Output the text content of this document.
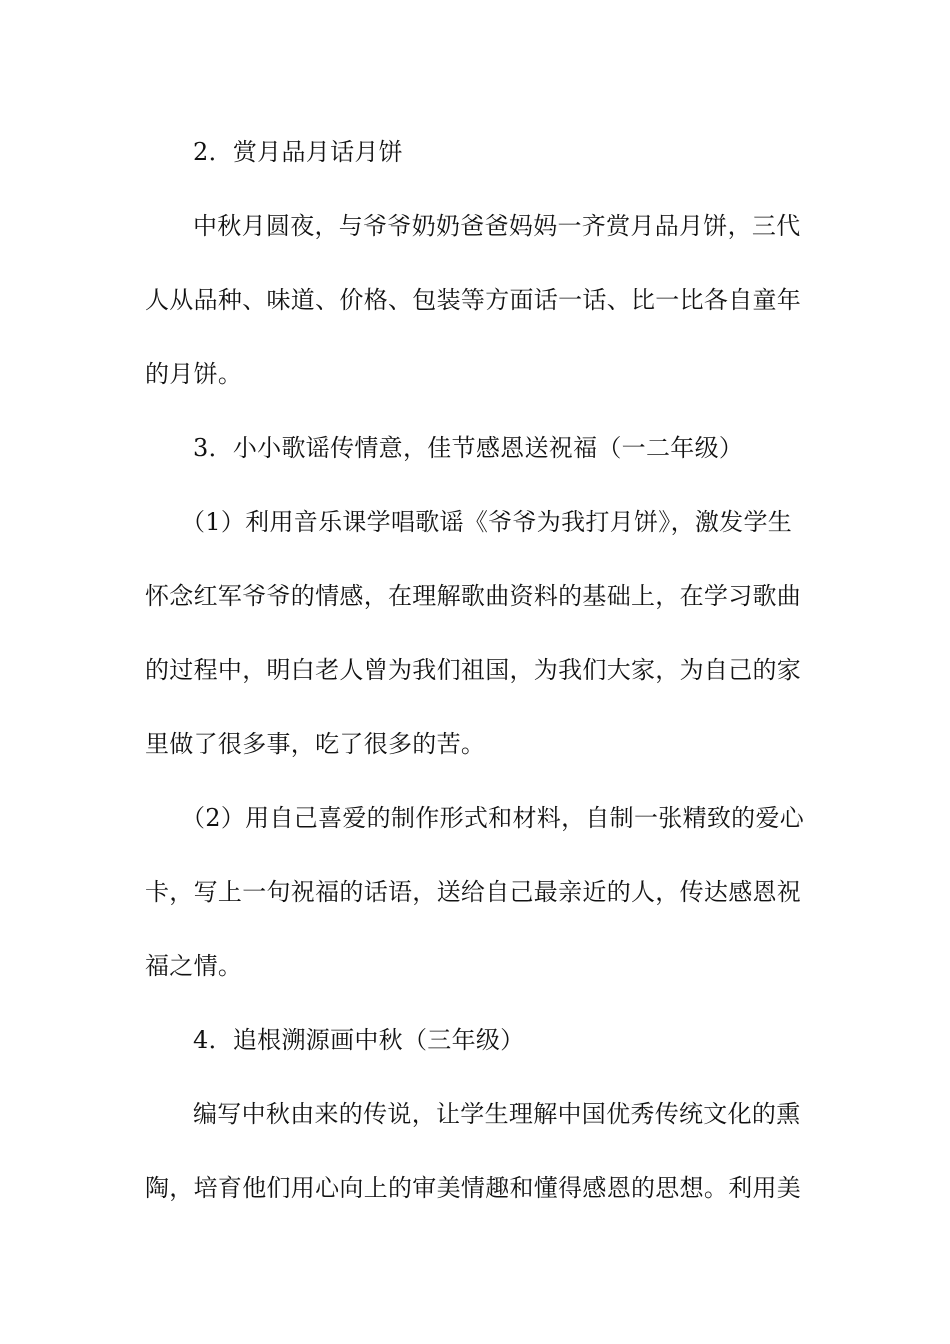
2．赏月品月话月饼
中秋月圆夜，与爷爷奶奶爸爸妈妈一齐赏月品月饼，三代
人从品种、味道、价格、包装等方面话一话、比一比各自童年
的月饼。
3．小小歌谣传情意，佳节感恩送祝福（一二年级）
（1）利用音乐课学唱歌谣《爷爷为我打月饼》，激发学生
怀念红军爷爷的情感，在理解歌曲资料的基础上，在学习歌曲
的过程中，明白老人曾为我们祖国，为我们大家，为自己的家
里做了很多事，吃了很多的苦。
（2）用自己喜爱的制作形式和材料，自制一张精致的爱心
卡，写上一句祝福的话语，送给自己最亲近的人，传达感恩祝
福之情。
4．追根溯源画中秋（三年级）
编写中秋由来的传说，让学生理解中国优秀传统文化的熏
陶，培育他们用心向上的审美情趣和懂得感恩的思想。利用美
